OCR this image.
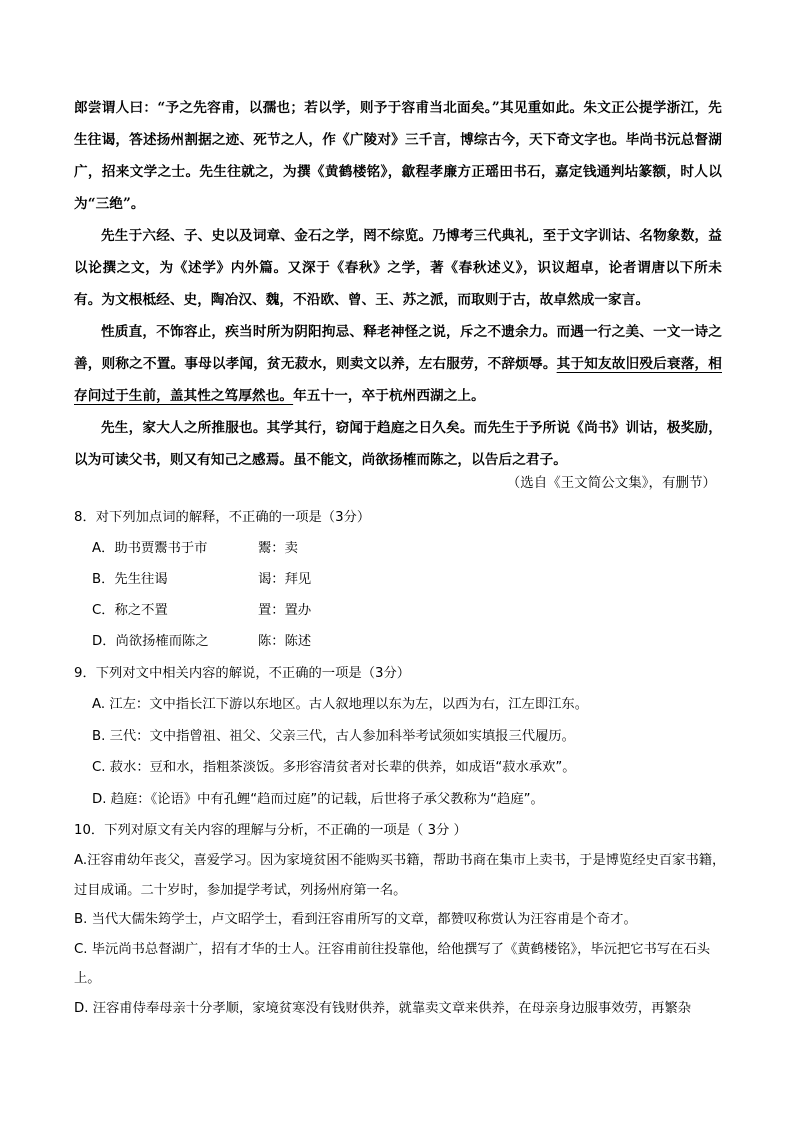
郎尝谓人曰：“予之先容甫，以孺也；若以学，则予于容甫当北面矣。”其见重如此。朱文正公提学浙江，先生往谒，答述扬州割据之迹、死节之人，作《广陵对》三千言，博综古今，天下奇文字也。毕尚书沅总督湖广，招来文学之士。先生往就之，为撰《黄鹤楼铭》，歙程孝廉方正瑶田书石，嘉定钱通判坫篆额，时人以为“三绝”。

先生于六经、子、史以及词章、金石之学，罔不综览。乃博考三代典礼，至于文字训诂、名物象数，益以论撰之文，为《述学》内外篇。又深于《春秋》之学，著《春秋述义》，识议超卓，论者谓唐以下所未有。为文根柢经、史，陶冶汉、魏，不沿欧、曾、王、苏之派，而取则于古，故卓然成一家言。

性质直，不饰容止，疾当时所为阴阳拘忌、释老神怪之说，斥之不遗余力。而遇一行之美、一文一诗之善，则称之不置。事母以孝闻，贫无菽水，则卖文以养，左右服劳，不辞烦辱。其于知友故旧殁后衰落，相存问过于生前，盖其性之笃厚然也。年五十一，卒于杭州西湖之上。

先生，家大人之所推服也。其学其行，窃闻于趋庭之日久矣。而先生于予所说《尚书》训诂，极奖励，以为可读父书，则又有知己之感焉。虽不能文，尚欲扬榷而陈之，以告后之君子。

（选自《王文简公文集》，有删节）
8．对下列加点词的解释，不正确的一项是（3分）
A．助书贾鬻书于市	鬻：卖
B．先生往谒	谒：拜见
C．称之不置	置：置办
D．尚欲扬榷而陈之	陈：陈述
9．下列对文中相关内容的解说，不正确的一项是（3分）
A. 江左：文中指长江下游以东地区。古人叙地理以东为左，以西为右，江左即江东。
B. 三代：文中指曾祖、祖父、父亲三代，古人参加科举考试须如实填报三代履历。
C. 菽水：豆和水，指粗茶淡饭。多形容清贫者对长辈的供养，如成语“菽水承欢”。
D. 趋庭：《论语》中有孔鲤“趋而过庭”的记载，后世将子承父教称为“趋庭”。
10．下列对原文有关内容的理解与分析，不正确的一项是（ 3分 ）
A.汪容甫幼年丧父，喜爱学习。因为家境贫困不能购买书籍，帮助书商在集市上卖书，于是博览经史百家书籍，过目成诵。二十岁时，参加提学考试，列扬州府第一名。
B. 当代大儒朱筠学士，卢文昭学士，看到汪容甫所写的文章，都赞叹称赏认为汪容甫是个奇才。
C. 毕沅尚书总督湖广，招有才华的士人。汪容甫前往投靠他，给他撰写了《黄鹤楼铭》，毕沅把它书写在石头上。
D. 汪容甫侍奉母亲十分孝顺，家境贫寒没有钱财供养，就靠卖文章来供养，在母亲身边服事效劳，再繁杂
